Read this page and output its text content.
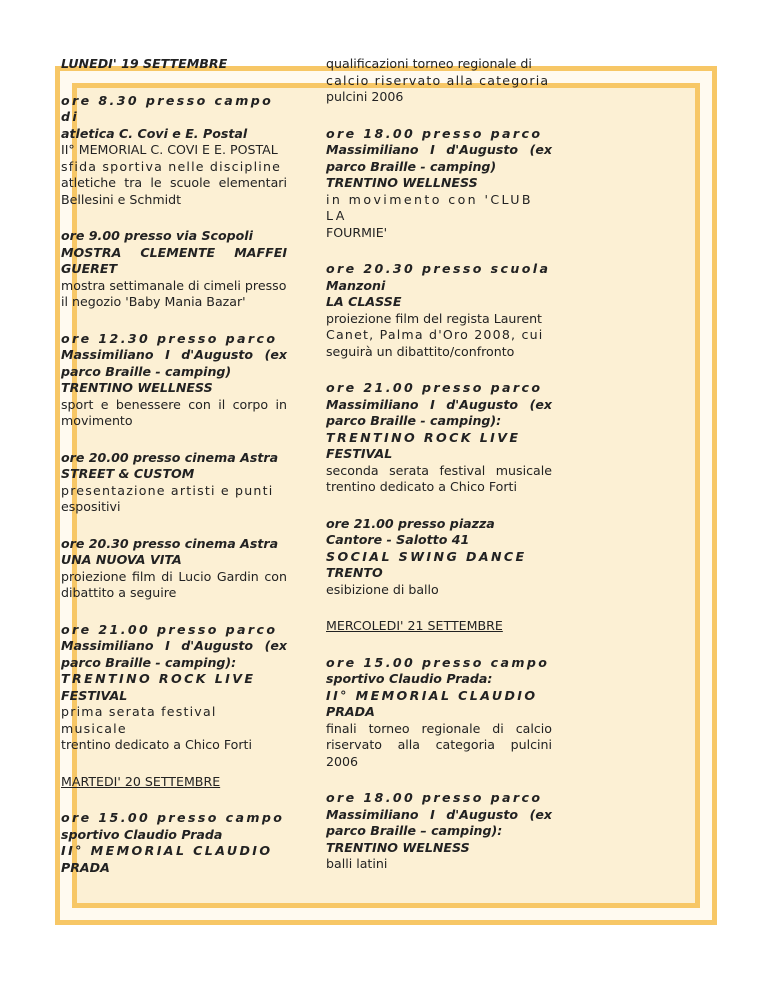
LUNEDI' 19 SETTEMBRE
ore 8.30 presso campo di
atletica C. Covi e E. Postal
II° MEMORIAL C. COVI E E. POSTAL
sfida sportiva nelle discipline
atletiche tra le scuole elementari Bellesini e Schmidt
ore 9.00 presso via Scopoli
MOSTRA CLEMENTE MAFFEI GUERET
mostra settimanale di cimeli presso il negozio 'Baby Mania Bazar'
ore 12.30 presso parco
Massimiliano I d'Augusto (ex parco Braille - camping)
TRENTINO WELLNESS
sport e benessere con il corpo in movimento
ore 20.00 presso cinema Astra
STREET & CUSTOM
presentazione artisti e punti
espositivi
ore 20.30 presso cinema Astra
UNA NUOVA VITA
proiezione film di Lucio Gardin con dibattito a seguire
ore 21.00 presso parco
Massimiliano I d'Augusto (ex parco Braille - camping):
TRENTINO ROCK LIVE
FESTIVAL
prima serata festival musicale
trentino dedicato a Chico Forti
MARTEDI' 20 SETTEMBRE
ore 15.00 presso campo
sportivo Claudio Prada
II° MEMORIAL CLAUDIO
PRADA
qualificazioni torneo regionale di
calcio riservato alla categoria
pulcini 2006
ore 18.00 presso parco
Massimiliano I d'Augusto (ex parco Braille - camping)
TRENTINO WELLNESS
in movimento con 'CLUB LA
FOURMIE'
ore 20.30 presso scuola
Manzoni
LA CLASSE
proiezione film del regista Laurent
Canet, Palma d'Oro 2008, cui
seguirà un dibattito/confronto
ore 21.00 presso parco
Massimiliano I d'Augusto (ex parco Braille - camping):
TRENTINO ROCK LIVE
FESTIVAL
seconda serata festival musicale trentino dedicato a Chico Forti
ore 21.00 presso piazza Cantore - Salotto 41
SOCIAL SWING DANCE
TRENTO
esibizione di ballo
MERCOLEDI' 21 SETTEMBRE
ore 15.00 presso campo
sportivo Claudio Prada:
II° MEMORIAL CLAUDIO
PRADA
finali torneo regionale di calcio riservato alla categoria pulcini 2006
ore 18.00 presso parco
Massimiliano I d'Augusto (ex parco Braille – camping):
TRENTINO WELNESS
balli latini
